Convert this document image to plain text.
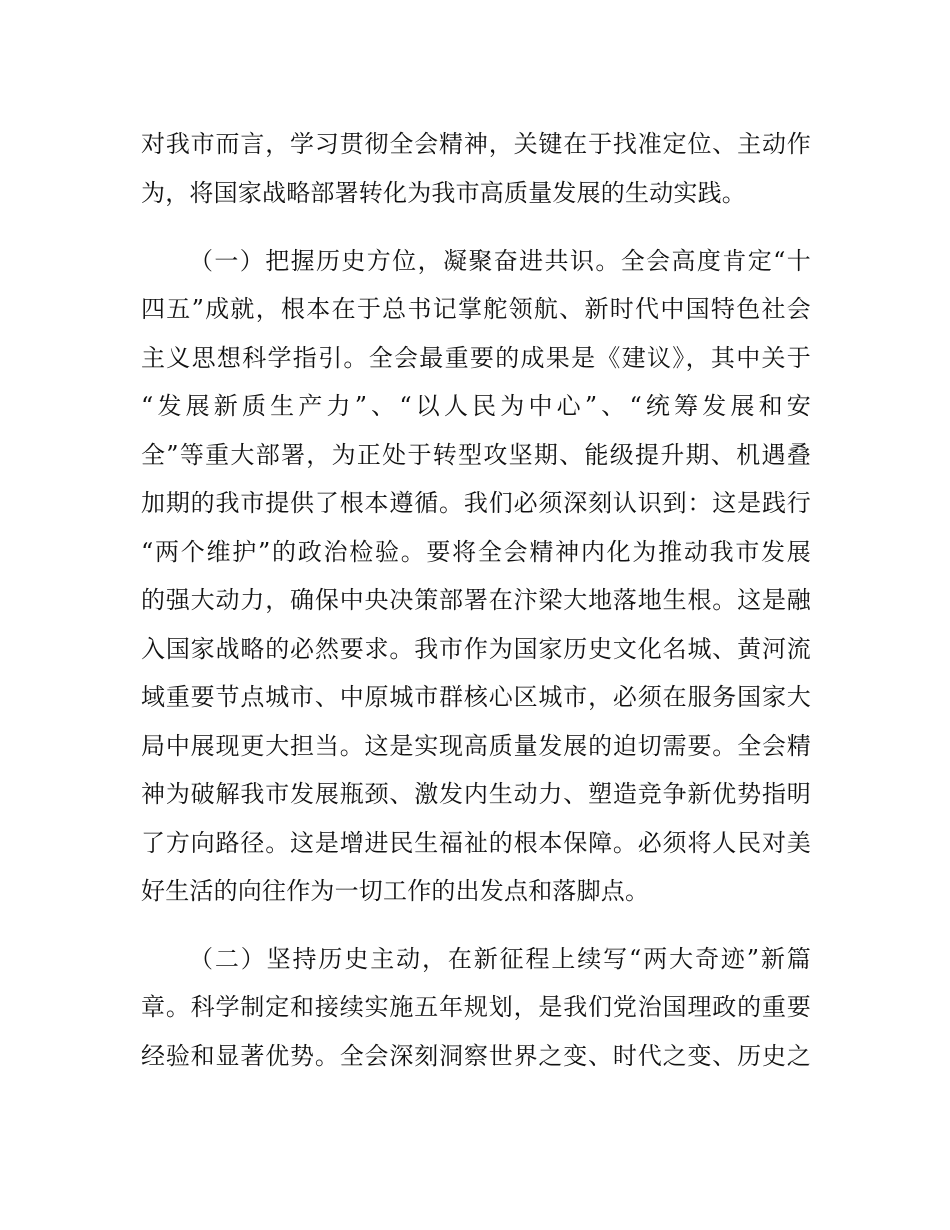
对我市而言，学习贯彻全会精神，关键在于找准定位、主动作
为，将国家战略部署转化为我市高质量发展的生动实践。
（一）把握历史方位，凝聚奋进共识。全会高度肯定“十
四五”成就，根本在于总书记掌舵领航、新时代中国特色社会
主义思想科学指引。全会最重要的成果是《建议》，其中关于
“发展新质生产力”、“以人民为中心”、“统筹发展和安
全”等重大部署，为正处于转型攻坚期、能级提升期、机遇叠
加期的我市提供了根本遵循。我们必须深刻认识到：这是践行
“两个维护”的政治检验。要将全会精神内化为推动我市发展
的强大动力，确保中央决策部署在汴梁大地落地生根。这是融
入国家战略的必然要求。我市作为国家历史文化名城、黄河流
域重要节点城市、中原城市群核心区城市，必须在服务国家大
局中展现更大担当。这是实现高质量发展的迫切需要。全会精
神为破解我市发展瓶颈、激发内生动力、塑造竞争新优势指明
了方向路径。这是增进民生福祉的根本保障。必须将人民对美
好生活的向往作为一切工作的出发点和落脚点。
（二）坚持历史主动，在新征程上续写“两大奇迹”新篇
章。科学制定和接续实施五年规划，是我们党治国理政的重要
经验和显著优势。全会深刻洞察世界之变、时代之变、历史之
